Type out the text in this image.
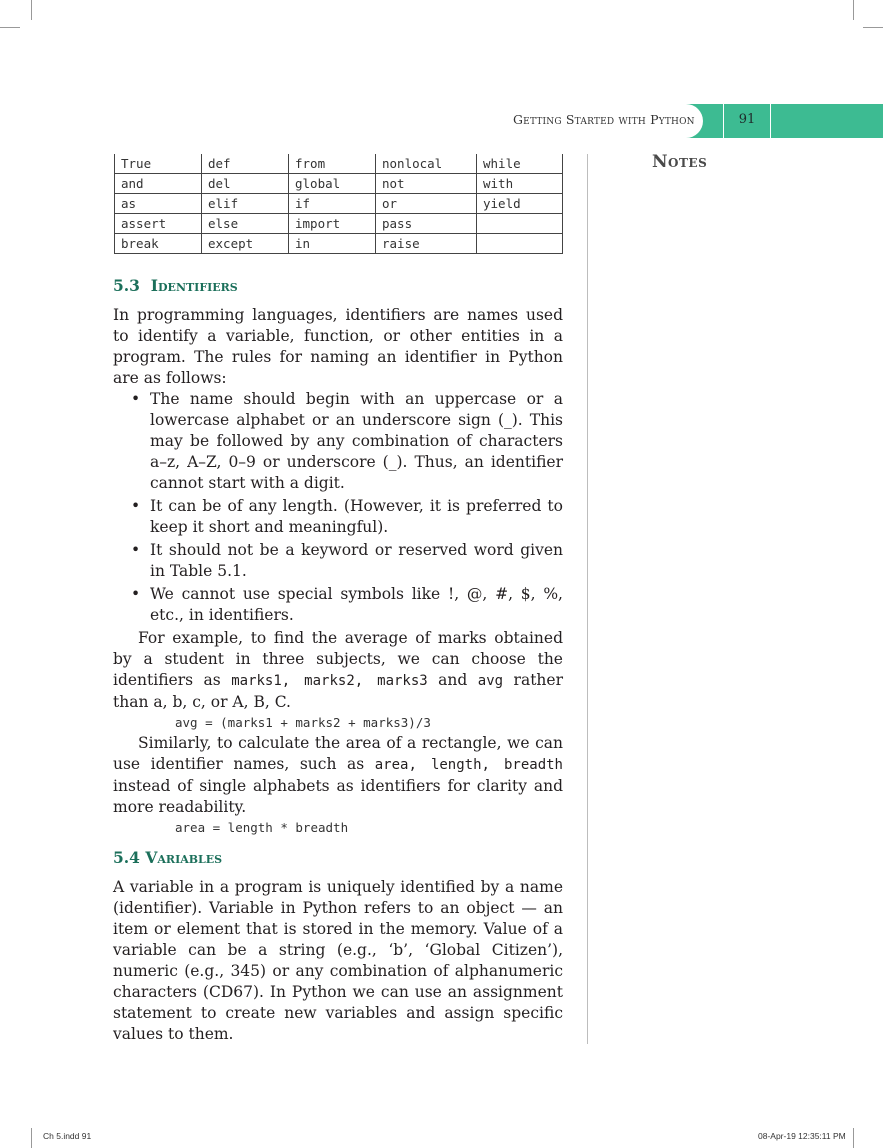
Getting Started with Python	91
Notes
True	def	from	nonlocal	while
and	del	global	not	with
as	elif	if	or	yield
assert	else	import	pass	
break	except	in	raise	
5.3 Identifiers

In programming languages, identifiers are names used to identify a variable, function, or other entities in a program. The rules for naming an identifier in Python are as follows:

• The name should begin with an uppercase or a lowercase alphabet or an underscore sign (_). This may be followed by any combination of characters a–z, A–Z, 0–9 or underscore (_). Thus, an identifier cannot start with a digit.
• It can be of any length. (However, it is preferred to keep it short and meaningful).
• It should not be a keyword or reserved word given in Table 5.1.
• We cannot use special symbols like !, @, #, $, %, etc., in identifiers.

For example, to find the average of marks obtained by a student in three subjects, we can choose the identifiers as marks1, marks2, marks3 and avg rather than a, b, c, or A, B, C.

avg = (marks1 + marks2 + marks3)/3

Similarly, to calculate the area of a rectangle, we can use identifier names, such as area, length, breadth instead of single alphabets as identifiers for clarity and more readability.

area = length * breadth
5.4 Variables

A variable in a program is uniquely identified by a name (identifier). Variable in Python refers to an object — an item or element that is stored in the memory. Value of a variable can be a string (e.g., ‘b’, ‘Global Citizen’), numeric (e.g., 345) or any combination of alphanumeric characters (CD67). In Python we can use an assignment statement to create new variables and assign specific values to them.

Ch 5.indd 91	08-Apr-19 12:35:11 PM
